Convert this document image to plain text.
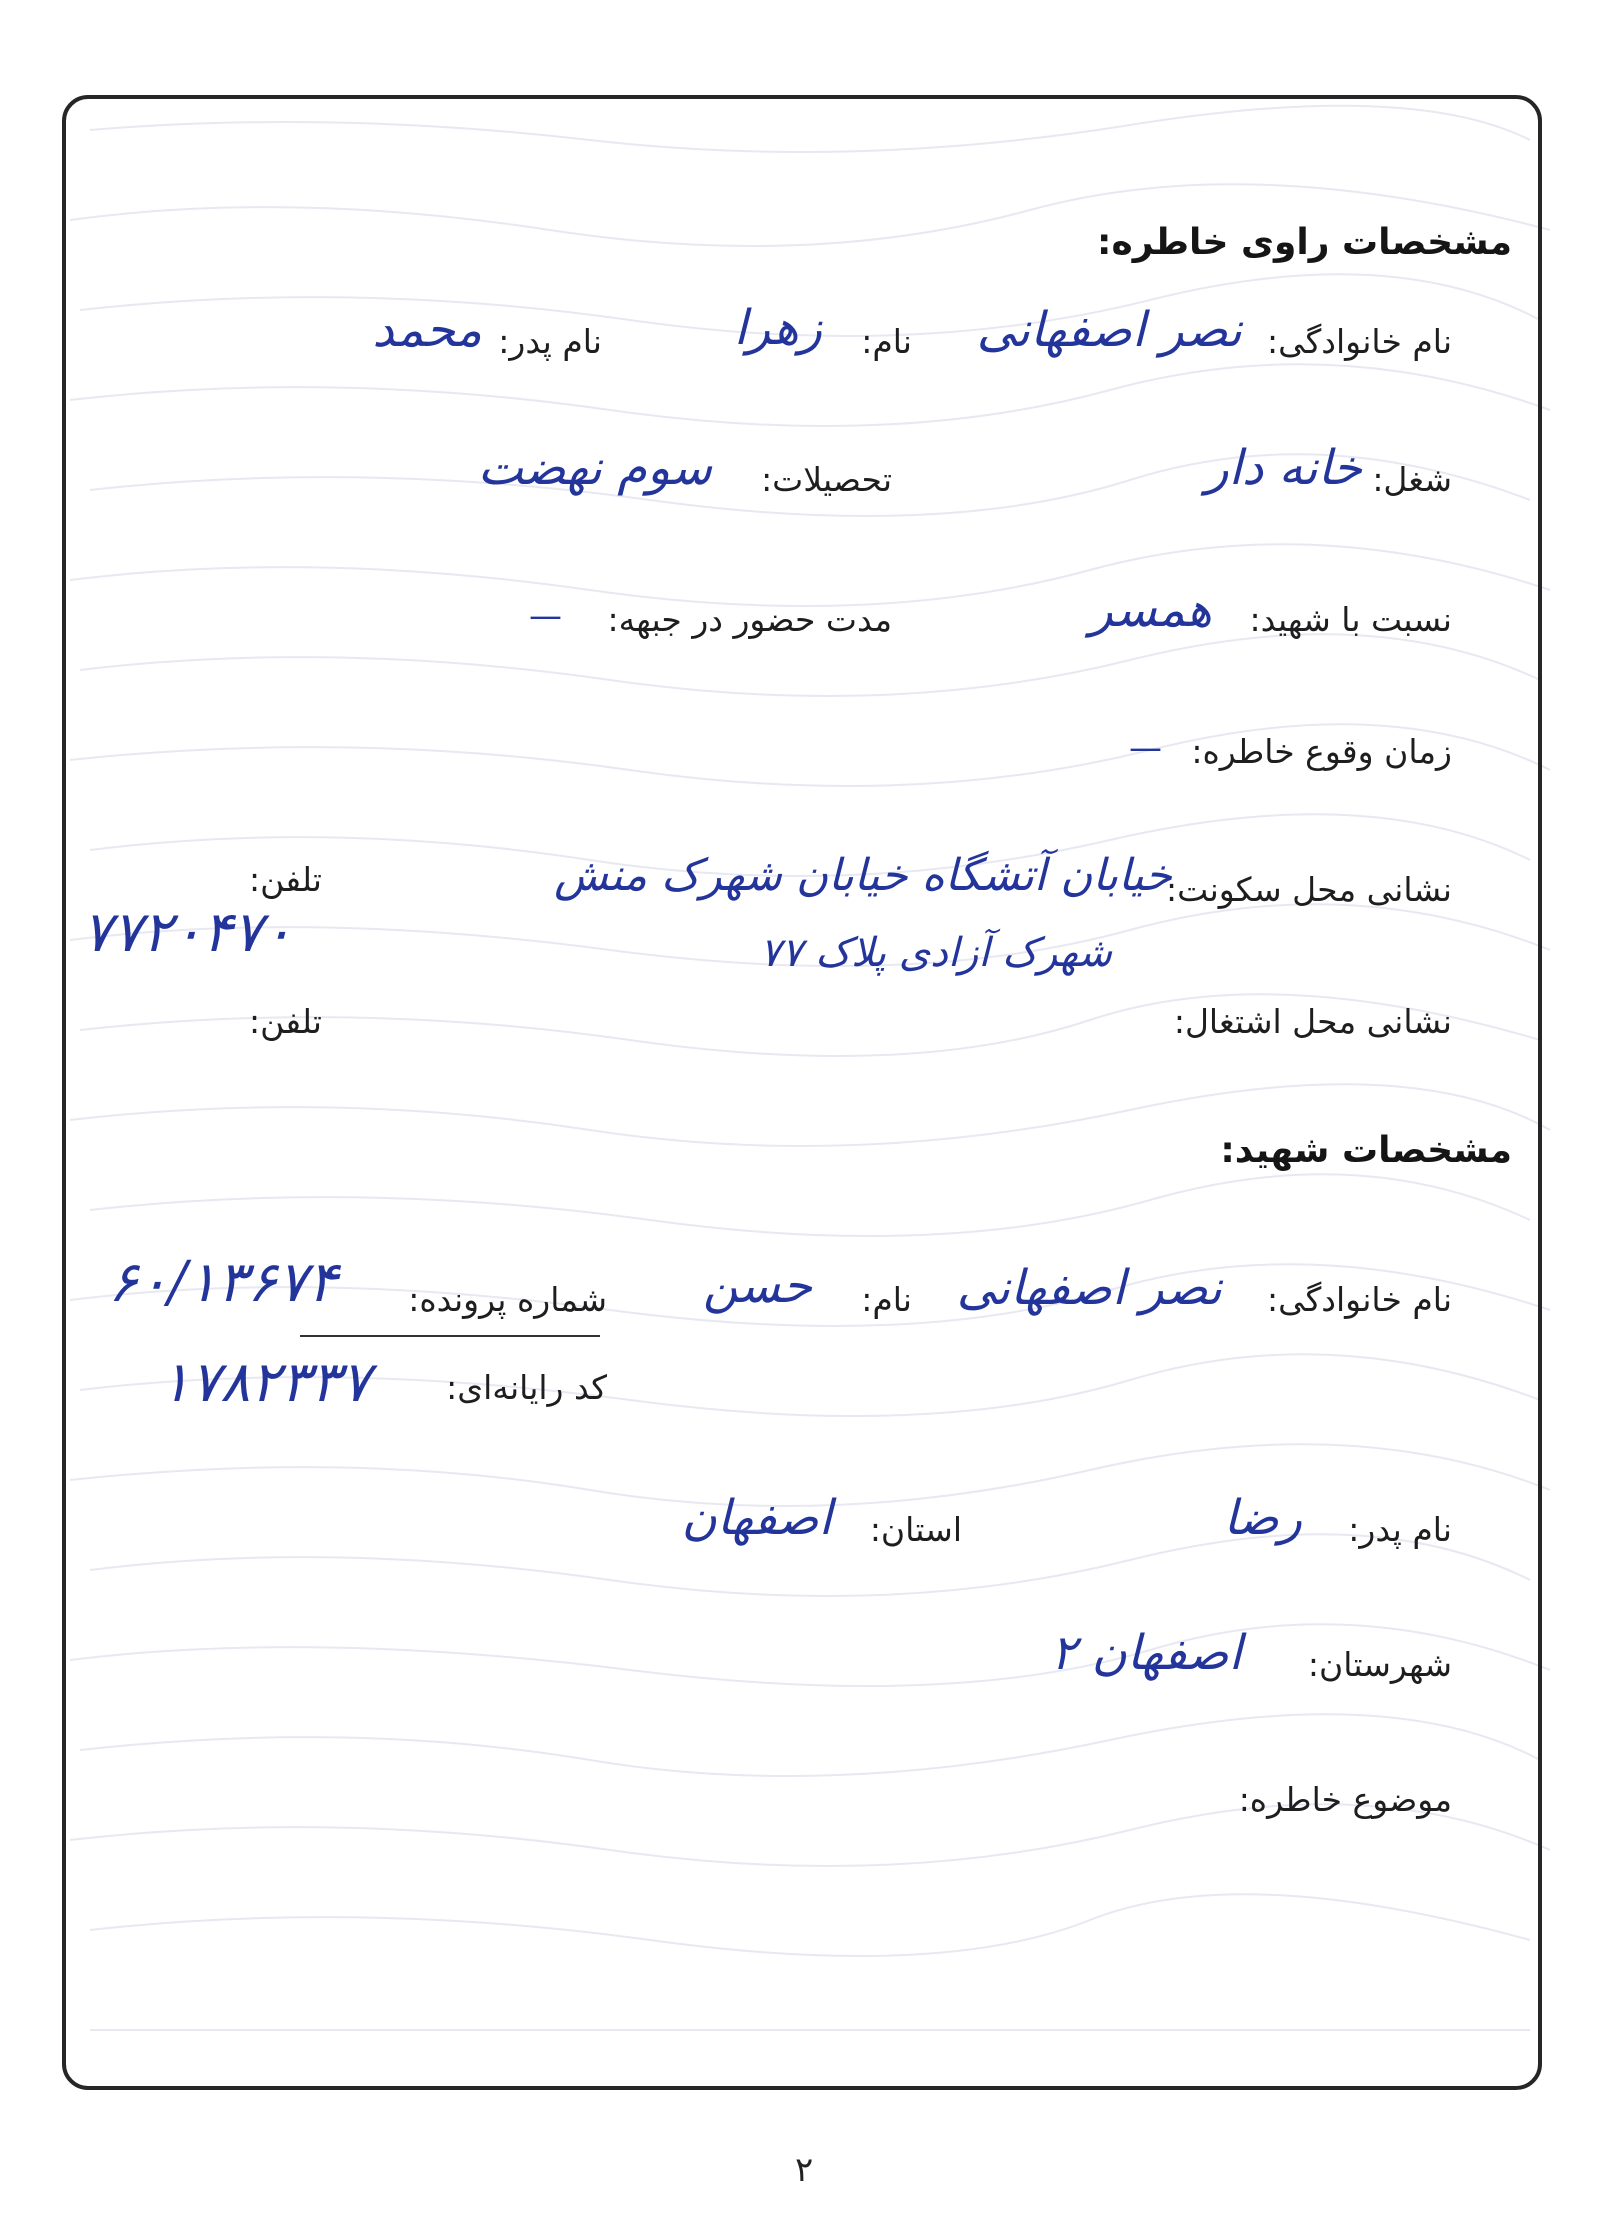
مشخصات راوی خاطره:
نام خانوادگی:
نصر اصفهانی
نام:
زهرا
نام پدر:
محمد
شغل:
خانه دار
تحصیلات:
سوم نهضت
نسبت با شهید:
همسر
مدت حضور در جبهه:
—
زمان وقوع خاطره:
—
نشانی محل سکونت:
خیابان آتشگاه خیابان شهرک منش
شهرک آزادی پلاک ۷۷
تلفن:
۷۷۲۰۴۷۰
نشانی محل اشتغال:
تلفن:
مشخصات شهید:
نام خانوادگی:
نصر اصفهانی
نام:
حسن
شماره پرونده:
۶۰/۱۳۶۷۴
کد رایانه‌ای:
۱۷۸۲۳۳۷
نام پدر:
رضا
استان:
اصفهان
شهرستان:
اصفهان ۲
موضوع خاطره:
۲
